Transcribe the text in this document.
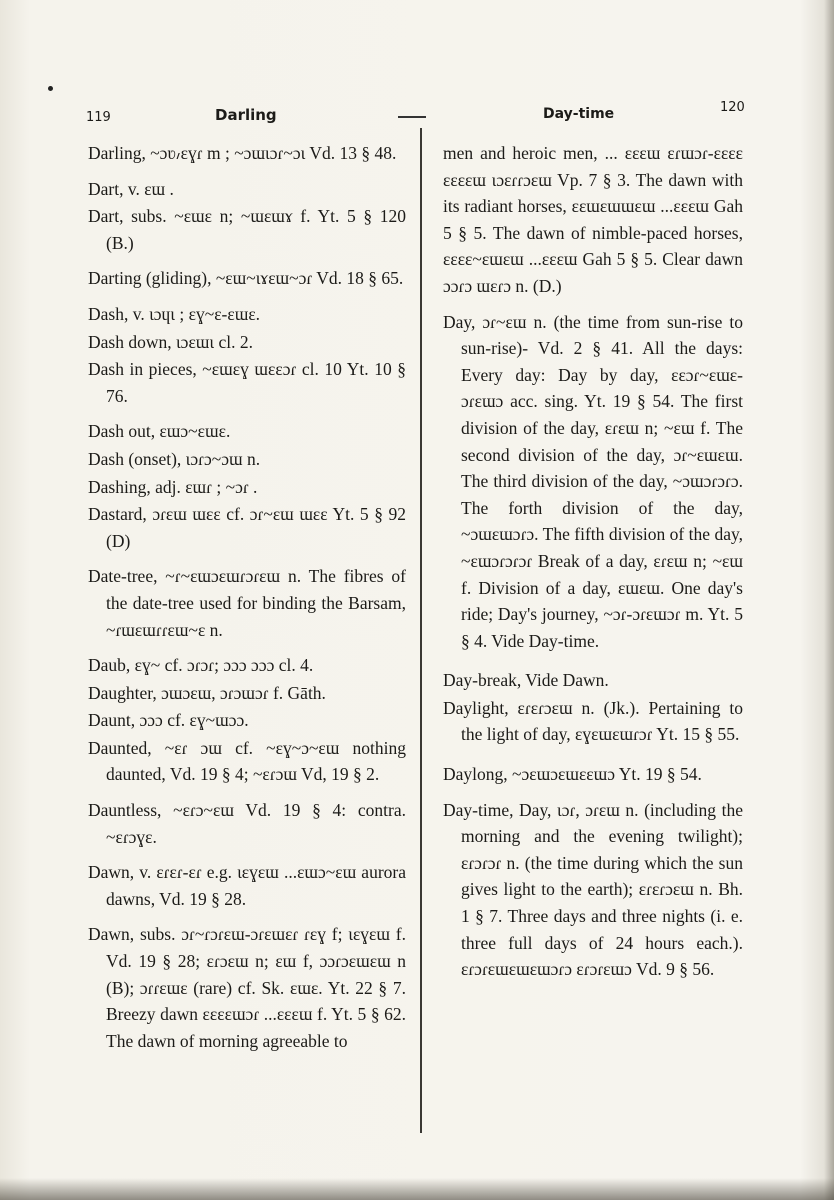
119	Darling	Day-time	120

Darling, ~ɔʋ៸ɛɣɾ m ; ~ɔɯɩɔɾ~ɔɩ Vd. 13 § 48.

Dart, v. ɛɯ .

Dart, subs. ~ɛɯɛ n; ~ɯɛɯɤ f. Yt. 5 § 120 (B.)

Darting (gliding), ~ɛɯ~ɩɤɛɯ~ɔɾ Vd. 18 § 65.

Dash, v. ɩɔɥɩ ; ɛɣ~ɛ-ɛɯɛ.

Dash down, ɩɔɛɯɩ cl. 2.

Dash in pieces, ~ɛɯɛɣ ɯɛɛɔɾ cl. 10 Yt. 10 § 76.

Dash out, ɛɯɔ~ɛɯɛ.

Dash (onset), ɩɔɾɔ~ɔɯ n.

Dashing, adj. ɛɯɾ ; ~ɔɾ .

Dastard, ɔɾɛɯ ɯɛɛ cf. ɔɾ~ɛɯ ɯɛɛ Yt. 5 § 92 (D)

Date-tree, ~ɾ~ɛɯɔɛɯɾɔɾɛɯ n. The fibres of the date-tree used for binding the Barsam, ~ɾɯɛɯɾɾɛɯ~ɛ n.

Daub, ɛɣ~ cf. ɔɾɔɾ; ɔɔɔ ɔɔɔ cl. 4.

Daughter, ɔɯɔɛɯ, ɔɾɔɯɔɾ f. Gāth.

Daunt, ɔɔɔ cf. ɛɣ~ɯɔɔ.

Daunted, ~ɛɾ ɔɯ cf. ~ɛɣ~ɔ~ɛɯ nothing daunted, Vd. 19 § 4; ~ɛɾɔɯ Vd, 19 § 2.

Dauntless, ~ɛɾɔ~ɛɯ Vd. 19 § 4: contra. ~ɛɾɔɣɛ.

Dawn, v. ɛɾɛɾ-ɛɾ e.g. ɩɛɣɛɯ ...ɛɯɔ~ɛɯ aurora dawns, Vd. 19 § 28.

Dawn, subs. ɔɾ~ɾɔɾɛɯ-ɔɾɛɯɛɾ ɾɛɣ f; ɩɛɣɛɯ f. Vd. 19 § 28; ɛɾɔɛɯ n; ɛɯ f, ɔɔɾɔɛɯɛɯ n (B); ɔɾɾɛɯɛ (rare) cf. Sk. ɛɯɛ. Yt. 22 § 7. Breezy dawn ɛɛɛɛɯɔɾ ...ɛɛɛɯ f. Yt. 5 § 62. The dawn of morning agreeable to

men and heroic men, ... ɛɛɛɯ ɛɾɯɔɾ-ɛɛɛɛ ɛɛɛɛɯ ɩɔɛɾɾɔɛɯ Vp. 7 § 3. The dawn with its radiant horses, ɛɛɯɛɯɯɛɯ ...ɛɛɛɯ Gah 5 § 5. The dawn of nimble-paced horses, ɛɛɛɛ~ɛɯɛɯ ...ɛɛɛɯ Gah 5 § 5. Clear dawn ɔɔɾɔ ɯɛɾɔ n. (D.)

Day, ɔɾ~ɛɯ n. (the time from sun-rise to sun-rise)- Vd. 2 § 41. All the days: Every day: Day by day, ɛɛɔɾ~ɛɯɛ-ɔɾɛɯɔ acc. sing. Yt. 19 § 54. The first division of the day, ɛɾɛɯ n; ~ɛɯ f. The second division of the day, ɔɾ~ɛɯɛɯ. The third division of the day, ~ɔɯɔɾɔɾɔ. The forth division of the day, ~ɔɯɛɯɔɾɔ. The fifth division of the day, ~ɛɯɔɾɔɾɔɾ Break of a day, ɛɾɛɯ n; ~ɛɯ f. Division of a day, ɛɯɛɯ. One day's ride; Day's journey, ~ɔɾ-ɔɾɛɯɔɾ m. Yt. 5 § 4. Vide Day-time.

Day-break, Vide Dawn.

Daylight, ɛɾɛɾɔɛɯ n. (Jk.). Pertaining to the light of day, ɛɣɛɯɛɯɾɔɾ Yt. 15 § 55.

Daylong, ~ɔɛɯɔɛɯɛɛɯɔ Yt. 19 § 54.

Day-time, Day, ɩɔɾ, ɔɾɛɯ n. (including the morning and the evening twilight); ɛɾɔɾɔɾ n. (the time during which the sun gives light to the earth); ɛɾɛɾɔɛɯ n. Bh. 1 § 7. Three days and three nights (i. e. three full days of 24 hours each.). ɛɾɔɾɛɯɛɯɛɯɔɾɔ ɛɾɔɾɛɯɔ Vd. 9 § 56.
